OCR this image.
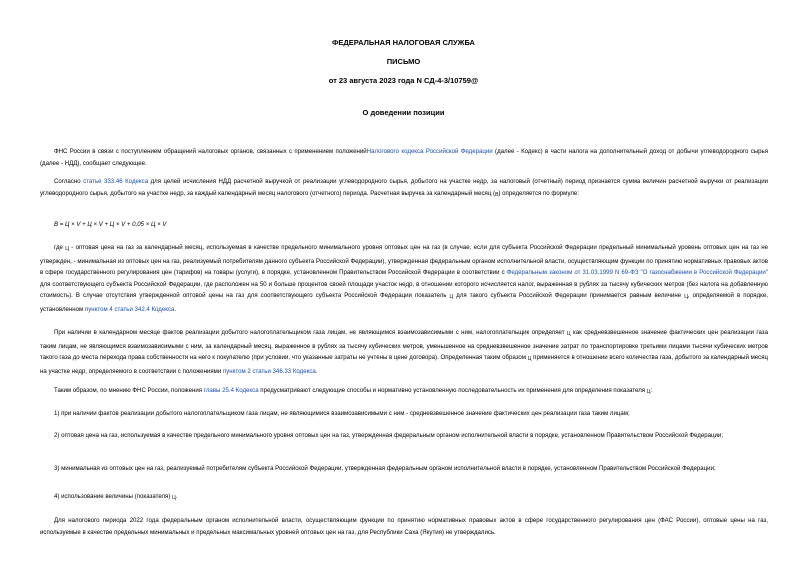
ФЕДЕРАЛЬНАЯ НАЛОГОВАЯ СЛУЖБА
ПИСЬМО
от 23 августа 2023 года N СД-4-3/10759@
О доведении позиции

ФНС России в связи с поступлением обращений налоговых органов, связанных с применением положенийНалогового кодекса Российской Федерации (далее - Кодекс) в части налога на дополнительный доход от добычи углеводородного сырья (далее - НДД), сообщает следующее.

Согласно статье 333.46 Кодекса для целей исчисления НДД расчетной выручкой от реализации углеводородного сырья, добытого на участке недр, за налоговый (отчетный) период признается сумма величин расчетной выручки от реализации углеводородного сырья, добытого на участке недр, за каждый календарный месяц налогового (отчетного) периода. Расчетная выручка за календарный месяц (В) определяется по формуле:

В = Ц × V + Ц × V + Ц × V + 0,05 × Ц × V

где Ц - оптовая цена на газ за календарный месяц, используемая в качестве предельного минимального уровня оптовых цен на газ (в случае, если для субъекта Российской Федерации предельный минимальный уровень оптовых цен на газ не утвержден, - минимальная из оптовых цен на газ, реализуемый потребителям данного субъекта Российской Федерации), утвержденная федеральным органом исполнительной власти, осуществляющим функции по принятию нормативных правовых актов в сфере государственного регулирования цен (тарифов) на товары (услуги), в порядке, установленном Правительством Российской Федерации в соответствии с Федеральным законом от 31.03.1999 N 69-ФЗ "О газоснабжении в Российской Федерации" для соответствующего субъекта Российской Федерации, где расположен на 50 и больше процентов своей площади участок недр, в отношении которого исчисляется налог, выраженная в рублях за тысячу кубических метров (без налога на добавленную стоимость). В случае отсутствия утвержденной оптовой цены на газ для соответствующего субъекта Российской Федерации показатель Ц для такого субъекта Российской Федерации принимается равным величине Ц, определяемой в порядке, установленном пунктом 4 статьи 342.4 Кодекса.

При наличии в календарном месяце фактов реализации добытого налогоплательщиком газа лицам, не являющимся взаимозависимыми с ним, налогоплательщик определяет Ц как средневзвешенное значение фактических цен реализации газа таким лицам, не являющимся взаимозависимыми с ним, за календарный месяц, выраженное в рублях за тысячу кубических метров, уменьшенное на средневзвешенное значение затрат по транспортировке третьими лицами тысячи кубических метров такого газа до места перехода права собственности на него к покупателю (при условии, что указанные затраты не учтены в цене договора). Определенная таким образом Ц применяется в отношении всего количества газа, добытого за календарный месяц на участке недр, определяемого в соответствии с положениями пунктом 2 статьи 346.33 Кодекса.

Таким образом, по мнению ФНС России, положения главы 25.4 Кодекса предусматривают следующие способы и нормативно установленную последовательность их применения для определения показателя Ц:

1) при наличии фактов реализации добытого налогоплательщиком газа лицам, не являющимися взаимозависимыми с ним - средневзвешенное значение фактических цен реализации газа таким лицам;

2) оптовая цена на газ, используемая в качестве предельного минимального уровня оптовых цен на газ, утвержденная федеральным органом исполнительной власти в порядке, установленном Правительством Российской Федерации;

3) минимальная из оптовых цен на газ, реализуемый потребителям субъекта Российской Федерации, утвержденная федеральным органом исполнительной власти в порядке, установленном Правительством Российской Федерации;

4) использование величины (показателя) Ц.

Для налогового периода 2022 года федеральным органом исполнительной власти, осуществляющим функции по принятию нормативных правовых актов в сфере государственного регулирования цен (ФАС России), оптовые цены на газ, используемые в качестве предельных минимальных и предельных максимальных уровней оптовых цен на газ, для Республики Саха (Якутия) не утверждались.
